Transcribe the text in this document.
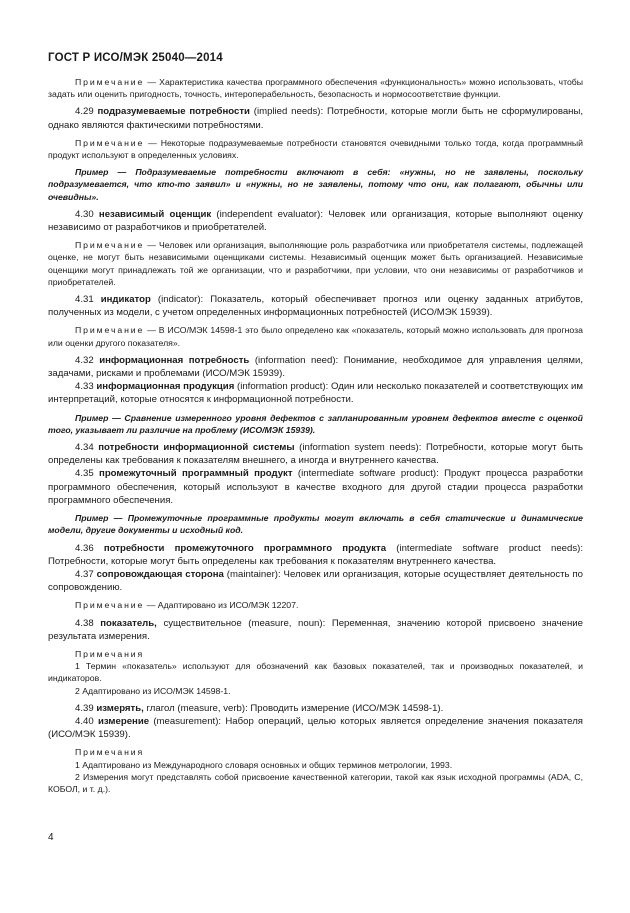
ГОСТ Р ИСО/МЭК 25040—2014

Примечание — Характеристика качества программного обеспечения «функциональность» можно использовать, чтобы задать или оценить пригодность, точность, интероперабельность, безопасность и нормосоответствие функции.

4.29 подразумеваемые потребности (implied needs): Потребности, которые могли быть не сформулированы, однако являются фактическими потребностями.

Примечание — Некоторые подразумеваемые потребности становятся очевидными только тогда, когда программный продукт используют в определенных условиях.

Пример — Подразумеваемые потребности включают в себя: «нужны, но не заявлены, поскольку подразумевается, что кто-то заявил» и «нужны, но не заявлены, потому что они, как полагают, обычны или очевидны».

4.30 независимый оценщик (independent evaluator): Человек или организация, которые выполняют оценку независимо от разработчиков и приобретателей.

Примечание — Человек или организация, выполняющие роль разработчика или приобретателя системы, подлежащей оценке, не могут быть независимыми оценщиками системы. Независимый оценщик может быть организацией. Независимые оценщики могут принадлежать той же организации, что и разработчики, при условии, что они независимы от разработчиков и приобретателей.

4.31 индикатор (indicator): Показатель, который обеспечивает прогноз или оценку заданных атрибутов, полученных из модели, с учетом определенных информационных потребностей (ИСО/МЭК 15939).

Примечание — В ИСО/МЭК 14598-1 это было определено как «показатель, который можно использовать для прогноза или оценки другого показателя».

4.32 информационная потребность (information need): Понимание, необходимое для управления целями, задачами, рисками и проблемами (ИСО/МЭК 15939).

4.33 информационная продукция (information product): Один или несколько показателей и соответствующих им интерпретаций, которые относятся к информационной потребности.

Пример — Сравнение измеренного уровня дефектов с запланированным уровнем дефектов вместе с оценкой того, указывает ли различие на проблему (ИСО/МЭК 15939).

4.34 потребности информационной системы (information system needs): Потребности, которые могут быть определены как требования к показателям внешнего, а иногда и внутреннего качества.

4.35 промежуточный программный продукт (intermediate software product): Продукт процесса разработки программного обеспечения, который используют в качестве входного для другой стадии процесса разработки программного обеспечения.

Пример — Промежуточные программные продукты могут включать в себя статические и динамические модели, другие документы и исходный код.

4.36 потребности промежуточного программного продукта (intermediate software product needs): Потребности, которые могут быть определены как требования к показателям внутреннего качества.

4.37 сопровождающая сторона (maintainer): Человек или организация, которые осуществляет деятельность по сопровождению.

Примечание — Адаптировано из ИСО/МЭК 12207.

4.38 показатель, существительное (measure, noun): Переменная, значению которой присвоено значение результата измерения.

Примечания

1 Термин «показатель» используют для обозначений как базовых показателей, так и производных показателей, и индикаторов.

2 Адаптировано из ИСО/МЭК 14598-1.

4.39 измерять, глагол (measure, verb): Проводить измерение (ИСО/МЭК 14598-1).

4.40 измерение (measurement): Набор операций, целью которых является определение значения показателя (ИСО/МЭК 15939).

Примечания

1 Адаптировано из Международного словаря основных и общих терминов метрологии, 1993.

2 Измерения могут представлять собой присвоение качественной категории, такой как язык исходной программы (ADA, C, КОБОЛ, и т. д.).

4
